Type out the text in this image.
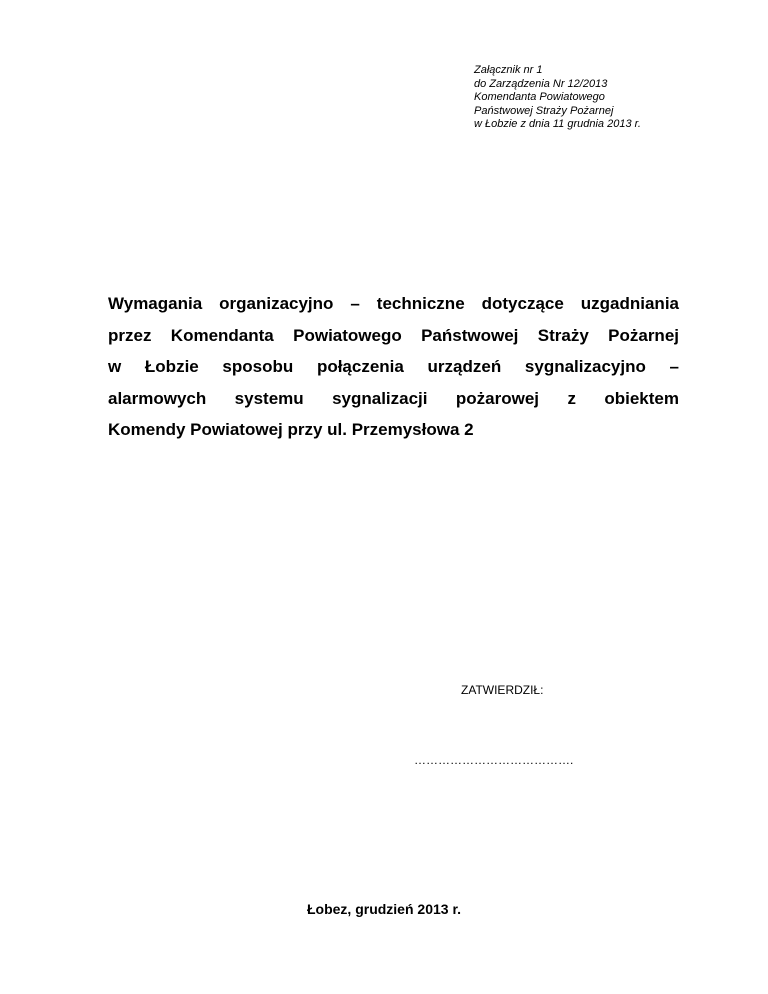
Załącznik nr 1
do Zarządzenia Nr 12/2013
Komendanta Powiatowego
Państwowej Straży Pożarnej
w Łobzie z dnia 11 grudnia 2013 r.
Wymagania organizacyjno – techniczne dotyczące uzgadniania
przez Komendanta Powiatowego Państwowej Straży Pożarnej
w Łobzie sposobu połączenia urządzeń sygnalizacyjno –
alarmowych systemu sygnalizacji pożarowej z obiektem
Komendy Powiatowej przy ul. Przemysłowa 2
ZATWIERDZIŁ:
………………………………….
Łobez, grudzień 2013 r.
